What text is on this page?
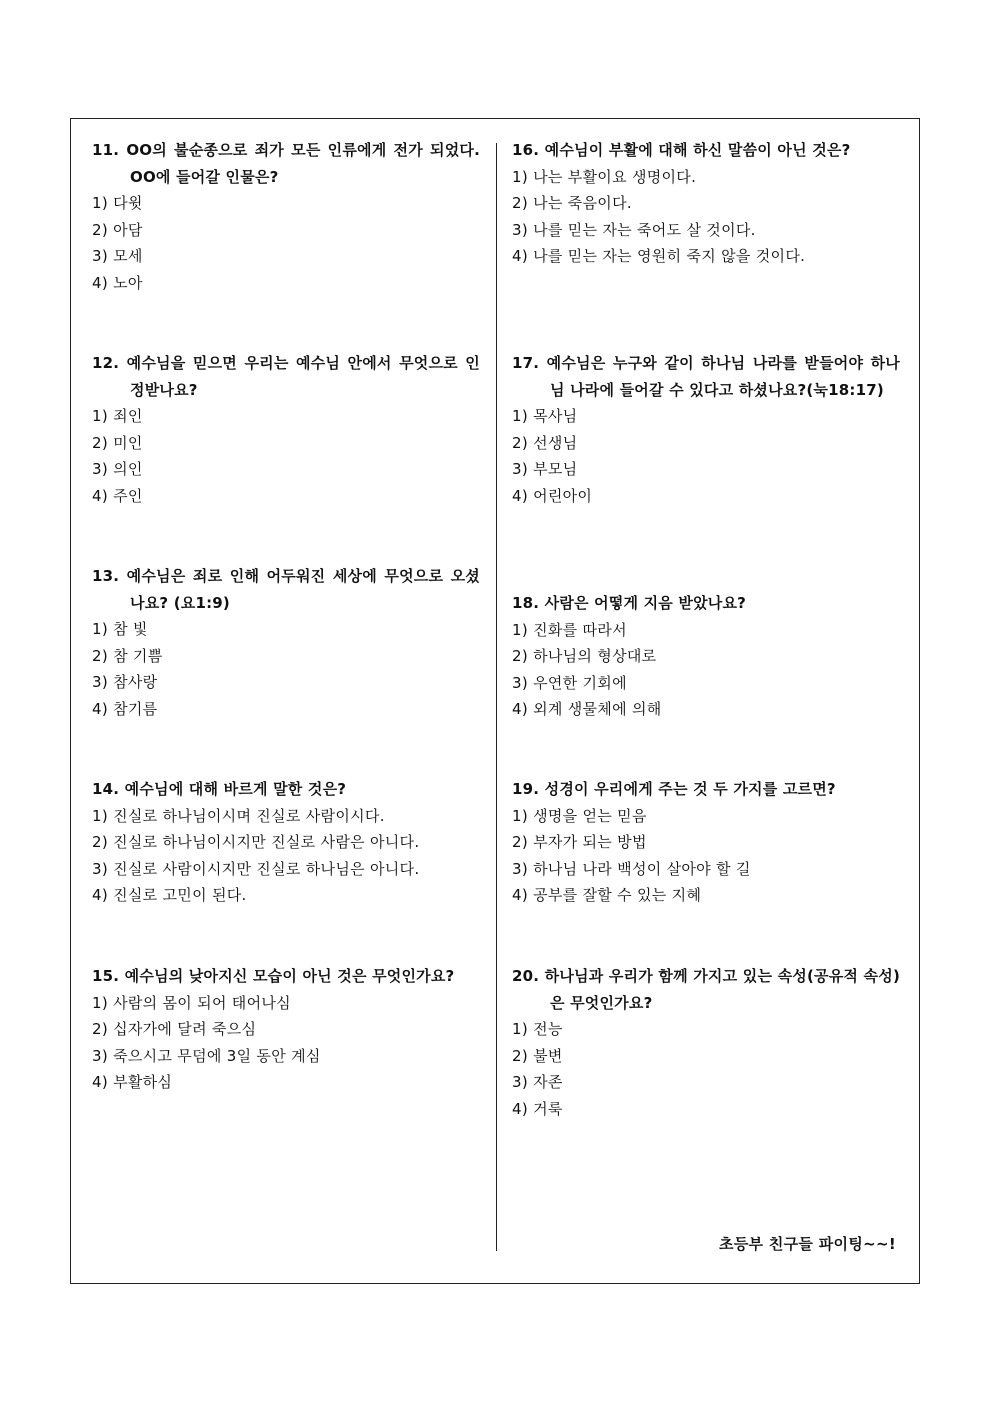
11. OO의 불순종으로 죄가 모든 인류에게 전가 되었다. OO에 들어갈 인물은?
1) 다윗
2) 아담
3) 모세
4) 노아
12. 예수님을 믿으면 우리는 예수님 안에서 무엇으로 인정받나요?
1) 죄인
2) 미인
3) 의인
4) 주인
13. 예수님은 죄로 인해 어두워진 세상에 무엇으로 오셨나요? (요1:9)
1) 참 빛
2) 참 기쁨
3) 참사랑
4) 참기름
14. 예수님에 대해 바르게 말한 것은?
1) 진실로 하나님이시며 진실로 사람이시다.
2) 진실로 하나님이시지만 진실로 사람은 아니다.
3) 진실로 사람이시지만 진실로 하나님은 아니다.
4) 진실로 고민이 된다.
15. 예수님의 낮아지신 모습이 아닌 것은 무엇인가요?
1) 사람의 몸이 되어 태어나심
2) 십자가에 달려 죽으심
3) 죽으시고 무덤에 3일 동안 계심
4) 부활하심
16. 예수님이 부활에 대해 하신 말씀이 아닌 것은?
1) 나는 부활이요 생명이다.
2) 나는 죽음이다.
3) 나를 믿는 자는 죽어도 살 것이다.
4) 나를 믿는 자는 영원히 죽지 않을 것이다.
17. 예수님은 누구와 같이 하나님 나라를 받들어야 하나님 나라에 들어갈 수 있다고 하셨나요?(눅18:17)
1) 목사님
2) 선생님
3) 부모님
4) 어린아이
18. 사람은 어떻게 지음 받았나요?
1) 진화를 따라서
2) 하나님의 형상대로
3) 우연한 기회에
4) 외계 생물체에 의해
19. 성경이 우리에게 주는 것 두 가지를 고르면?
1) 생명을 얻는 믿음
2) 부자가 되는 방법
3) 하나님 나라 백성이 살아야 할 길
4) 공부를 잘할 수 있는 지혜
20. 하나님과 우리가 함께 가지고 있는 속성(공유적 속성)은 무엇인가요?
1) 전능
2) 불변
3) 자존
4) 거룩
초등부 친구들 파이팅~~!
